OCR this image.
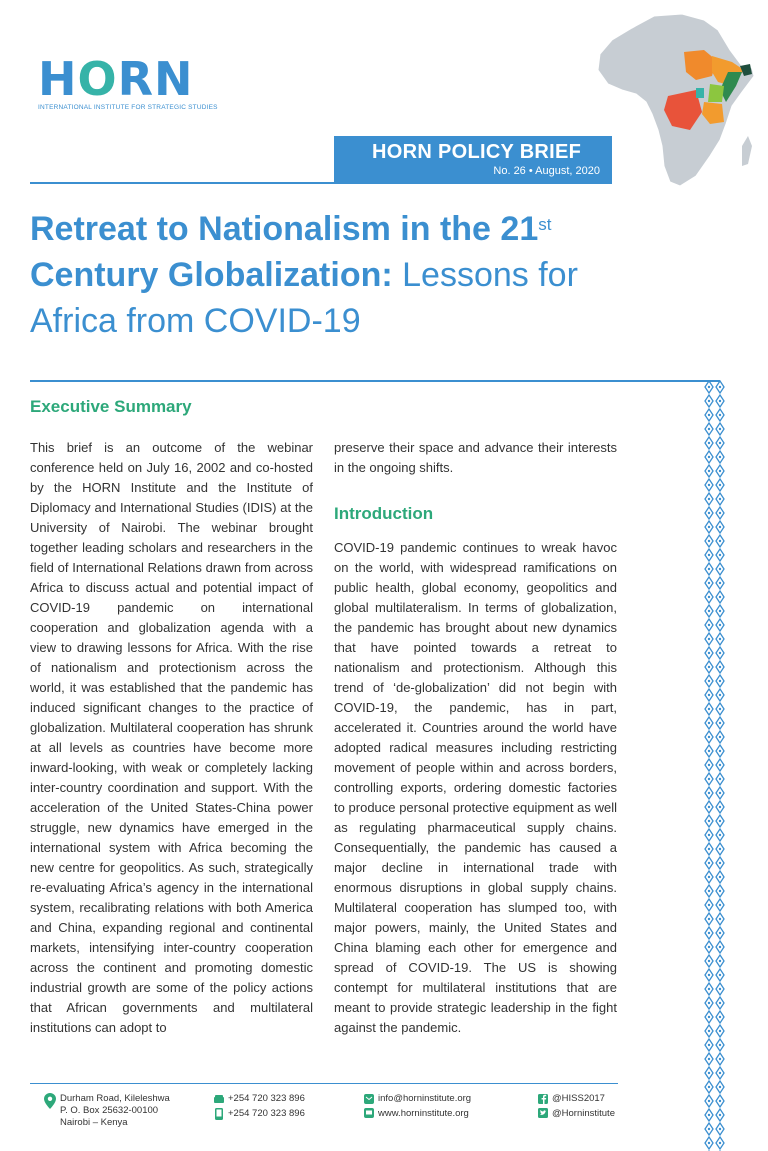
HORN
INTERNATIONAL INSTITUTE FOR STRATEGIC STUDIES
HORN POLICY BRIEF
No. 26 • August, 2020
Retreat to Nationalism in the 21st
Century Globalization: Lessons for Africa from COVID-19
Executive Summary

This brief is an outcome of the webinar conference held on July 16, 2002 and co-hosted by the HORN Institute and the Institute of Diplomacy and International Studies (IDIS) at the University of Nairobi. The webinar brought together leading scholars and researchers in the field of International Relations drawn from across Africa to discuss actual and potential impact of COVID-19 pandemic on international cooperation and globalization agenda with a view to drawing lessons for Africa. With the rise of nationalism and protectionism across the world, it was established that the pandemic has induced significant changes to the practice of globalization. Multilateral cooperation has shrunk at all levels as countries have become more inward-looking, with weak or completely lacking inter-country coordination and support. With the acceleration of the United States-China power struggle, new dynamics have emerged in the international system with Africa becoming the new centre for geopolitics. As such, strategically re-evaluating Africa’s agency in the international system, recalibrating relations with both America and China, expanding regional and continental markets, intensifying inter-country cooperation across the continent and promoting domestic industrial growth are some of the policy actions that African governments and multilateral institutions can adopt to

preserve their space and advance their interests in the ongoing shifts.

Introduction

COVID-19 pandemic continues to wreak havoc on the world, with widespread ramifications on public health, global economy, geopolitics and global multilateralism. In terms of globalization, the pandemic has brought about new dynamics that have pointed towards a retreat to nationalism and protectionism. Although this trend of ‘de-globalization’ did not begin with COVID-19, the pandemic, has in part, accelerated it. Countries around the world have adopted radical measures including restricting movement of people within and across borders, controlling exports, ordering domestic factories to produce personal protective equipment as well as regulating pharmaceutical supply chains. Consequentially, the pandemic has caused a major decline in international trade with enormous disruptions in global supply chains. Multilateral cooperation has slumped too, with major powers, mainly, the United States and China blaming each other for emergence and spread of COVID-19. The US is showing contempt for multilateral institutions that are meant to provide strategic leadership in the fight against the pandemic.

Durham Road, Kileleshwa
P. O. Box 25632-00100
Nairobi – Kenya
+254 720 323 896
+254 720 323 896
info@horninstitute.org
www.horninstitute.org
@HISS2017
@Horninstitute
